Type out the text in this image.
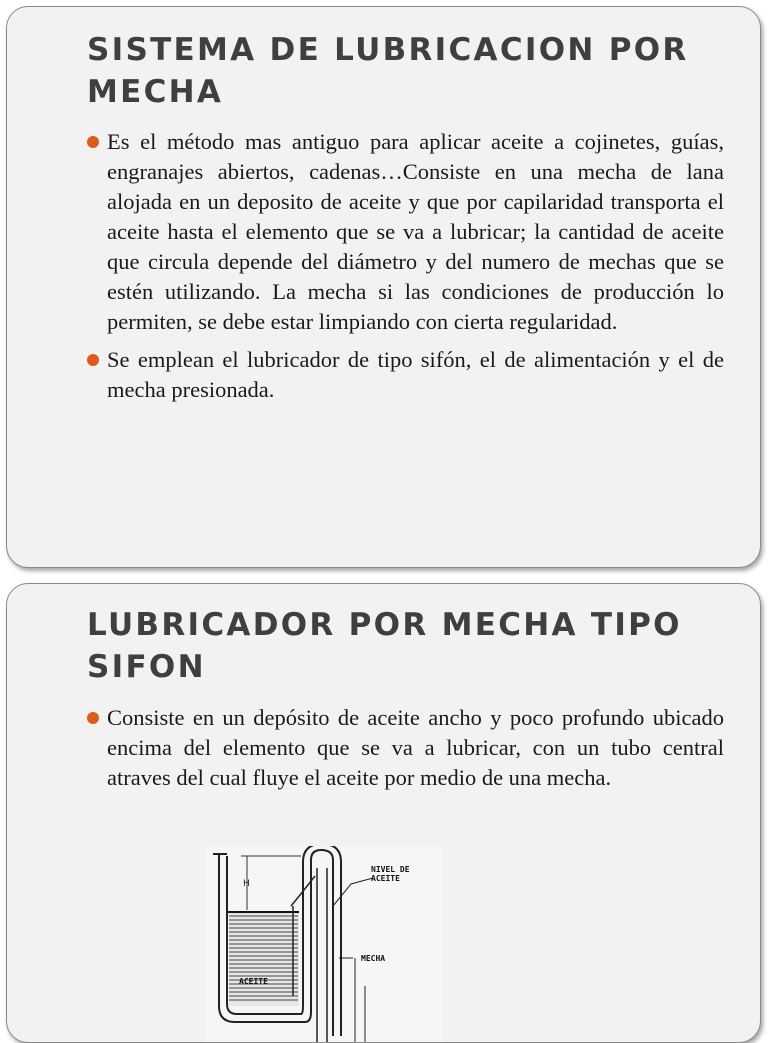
SISTEMA DE LUBRICACION POR MECHA
Es el método mas antiguo para aplicar aceite a cojinetes, guías, engranajes abiertos, cadenas…Consiste en una mecha de lana alojada en un deposito de aceite y que por capilaridad transporta el aceite hasta el elemento que se va a lubricar; la cantidad de aceite que circula depende del diámetro y del numero de mechas que se estén utilizando. La mecha si las condiciones de producción lo permiten, se debe estar limpiando con cierta regularidad.
Se emplean el lubricador de tipo sifón, el de alimentación y el de mecha presionada.
LUBRICADOR POR MECHA TIPO SIFON
Consiste en un depósito de aceite ancho y poco profundo ubicado encima del elemento que se va a lubricar, con un tubo central atraves del cual fluye el aceite por medio de una mecha.
H
NIVEL DE
ACEITE
MECHA
ACEITE
